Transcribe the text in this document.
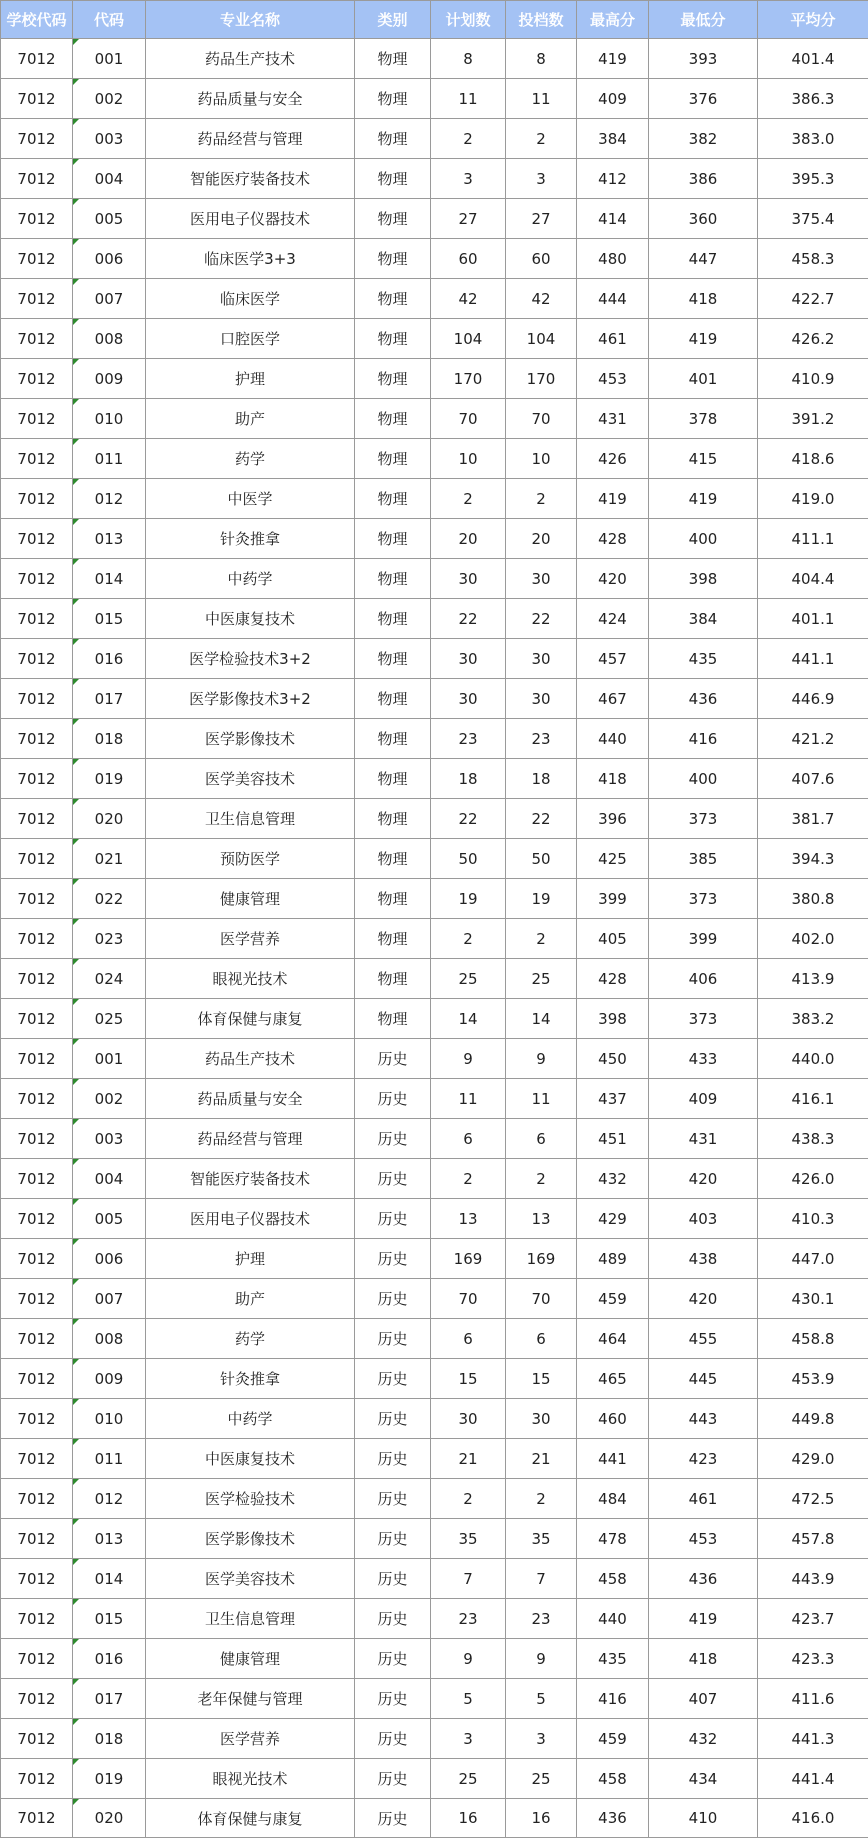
学校代码	代码	专业名称	类别	计划数	投档数	最高分	最低分	平均分
7012	001	药品生产技术	物理	8	8	419	393	401.4
7012	002	药品质量与安全	物理	11	11	409	376	386.3
7012	003	药品经营与管理	物理	2	2	384	382	383.0
7012	004	智能医疗装备技术	物理	3	3	412	386	395.3
7012	005	医用电子仪器技术	物理	27	27	414	360	375.4
7012	006	临床医学3+3	物理	60	60	480	447	458.3
7012	007	临床医学	物理	42	42	444	418	422.7
7012	008	口腔医学	物理	104	104	461	419	426.2
7012	009	护理	物理	170	170	453	401	410.9
7012	010	助产	物理	70	70	431	378	391.2
7012	011	药学	物理	10	10	426	415	418.6
7012	012	中医学	物理	2	2	419	419	419.0
7012	013	针灸推拿	物理	20	20	428	400	411.1
7012	014	中药学	物理	30	30	420	398	404.4
7012	015	中医康复技术	物理	22	22	424	384	401.1
7012	016	医学检验技术3+2	物理	30	30	457	435	441.1
7012	017	医学影像技术3+2	物理	30	30	467	436	446.9
7012	018	医学影像技术	物理	23	23	440	416	421.2
7012	019	医学美容技术	物理	18	18	418	400	407.6
7012	020	卫生信息管理	物理	22	22	396	373	381.7
7012	021	预防医学	物理	50	50	425	385	394.3
7012	022	健康管理	物理	19	19	399	373	380.8
7012	023	医学营养	物理	2	2	405	399	402.0
7012	024	眼视光技术	物理	25	25	428	406	413.9
7012	025	体育保健与康复	物理	14	14	398	373	383.2
7012	001	药品生产技术	历史	9	9	450	433	440.0
7012	002	药品质量与安全	历史	11	11	437	409	416.1
7012	003	药品经营与管理	历史	6	6	451	431	438.3
7012	004	智能医疗装备技术	历史	2	2	432	420	426.0
7012	005	医用电子仪器技术	历史	13	13	429	403	410.3
7012	006	护理	历史	169	169	489	438	447.0
7012	007	助产	历史	70	70	459	420	430.1
7012	008	药学	历史	6	6	464	455	458.8
7012	009	针灸推拿	历史	15	15	465	445	453.9
7012	010	中药学	历史	30	30	460	443	449.8
7012	011	中医康复技术	历史	21	21	441	423	429.0
7012	012	医学检验技术	历史	2	2	484	461	472.5
7012	013	医学影像技术	历史	35	35	478	453	457.8
7012	014	医学美容技术	历史	7	7	458	436	443.9
7012	015	卫生信息管理	历史	23	23	440	419	423.7
7012	016	健康管理	历史	9	9	435	418	423.3
7012	017	老年保健与管理	历史	5	5	416	407	411.6
7012	018	医学营养	历史	3	3	459	432	441.3
7012	019	眼视光技术	历史	25	25	458	434	441.4
7012	020	体育保健与康复	历史	16	16	436	410	416.0
